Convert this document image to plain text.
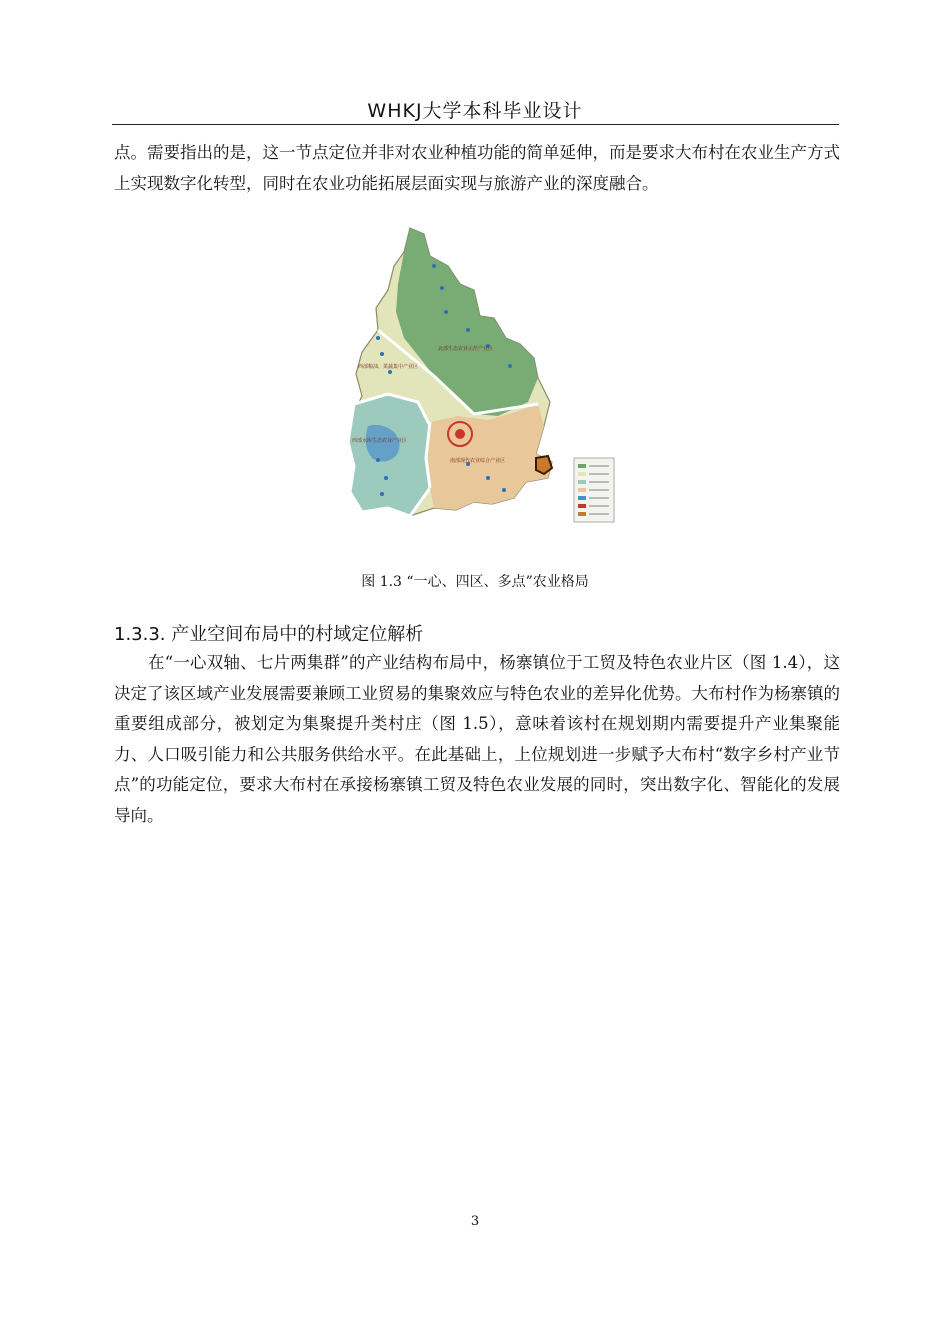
WHKJ大学本科毕业设计

点。需要指出的是，这一节点定位并非对农业种植功能的简单延伸，而是要求大布村在农业生产方式上实现数字化转型，同时在农业功能拓展层面实现与旅游产业的深度融合。

西部粮油、果蔬集中产业区
北部生态农业示范产业区
南部现代农业综合产业区
西部水库生态农业产业区
图 1.3 “一心、四区、多点”农业格局
1.3.3. 产业空间布局中的村域定位解析

在“一心双轴、七片两集群”的产业结构布局中，杨寨镇位于工贸及特色农业片区（图 1.4），这决定了该区域产业发展需要兼顾工业贸易的集聚效应与特色农业的差异化优势。大布村作为杨寨镇的重要组成部分，被划定为集聚提升类村庄（图 1.5），意味着该村在规划期内需要提升产业集聚能力、人口吸引能力和公共服务供给水平。在此基础上，上位规划进一步赋予大布村“数字乡村产业节点”的功能定位，要求大布村在承接杨寨镇工贸及特色农业发展的同时，突出数字化、智能化的发展导向。

3
